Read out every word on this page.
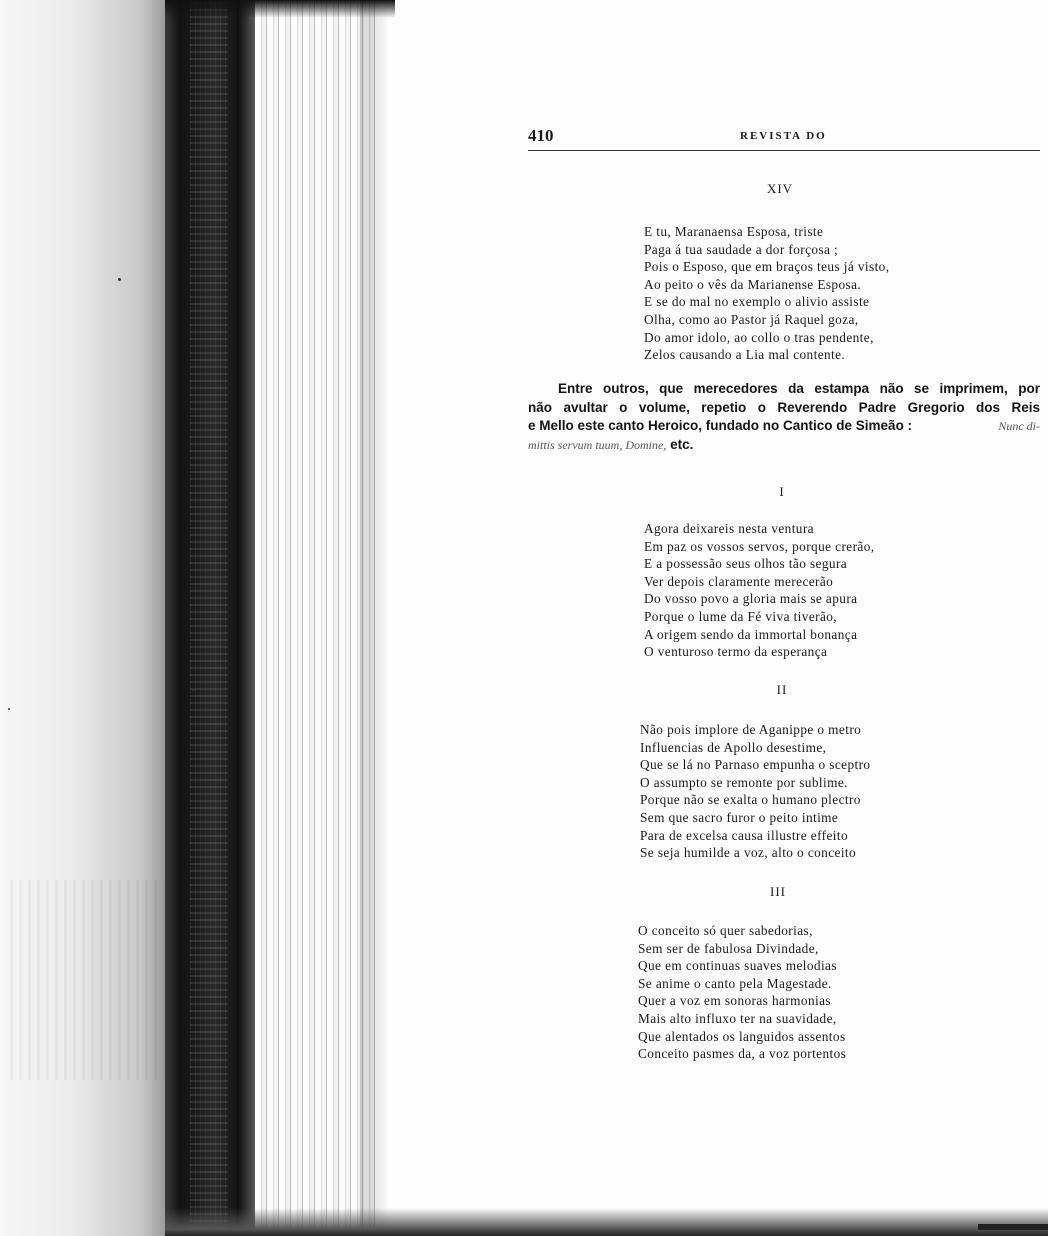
410	REVISTA DO
XIV
E tu, Maranaensa Esposa, triste
Paga á tua saudade a dor forçosa ;
Pois o Esposo, que em braços teus já visto,
Ao peito o vês da Marianense Esposa.
E se do mal no exemplo o alivio assiste
Olha, como ao Pastor já Raquel goza,
Do amor idolo, ao collo o tras pendente,
Zelos causando a Lia mal contente.
Entre outros, que merecedores da estampa não se imprimem, por
não avultar o volume, repetio o Reverendo Padre Gregorio dos Reis
e Mello este canto Heroico, fundado no Cantico de Simeão :	Nunc di-
mittis servum tuum, Domine, etc.
I
Agora deixareis nesta ventura
Em paz os vossos servos, porque crerão,
E a possessão seus olhos tão segura
Ver depois claramente merecerão
Do vosso povo a gloria mais se apura
Porque o lume da Fé viva tiverão,
A origem sendo da immortal bonança
O venturoso termo da esperança
II
Não pois implore de Aganippe o metro
Influencias de Apollo desestime,
Que se lá no Parnaso empunha o sceptro
O assumpto se remonte por sublime.
Porque não se exalta o humano plectro
Sem que sacro furor o peito intime
Para de excelsa causa illustre effeito
Se seja humilde a voz, alto o conceito
III
O conceito só quer sabedorias,
Sem ser de fabulosa Divindade,
Que em continuas suaves melodias
Se anime o canto pela Magestade.
Quer a voz em sonoras harmonias
Mais alto influxo ter na suavidade,
Que alentados os languidos assentos
Conceito pasmes da, a voz portentos
